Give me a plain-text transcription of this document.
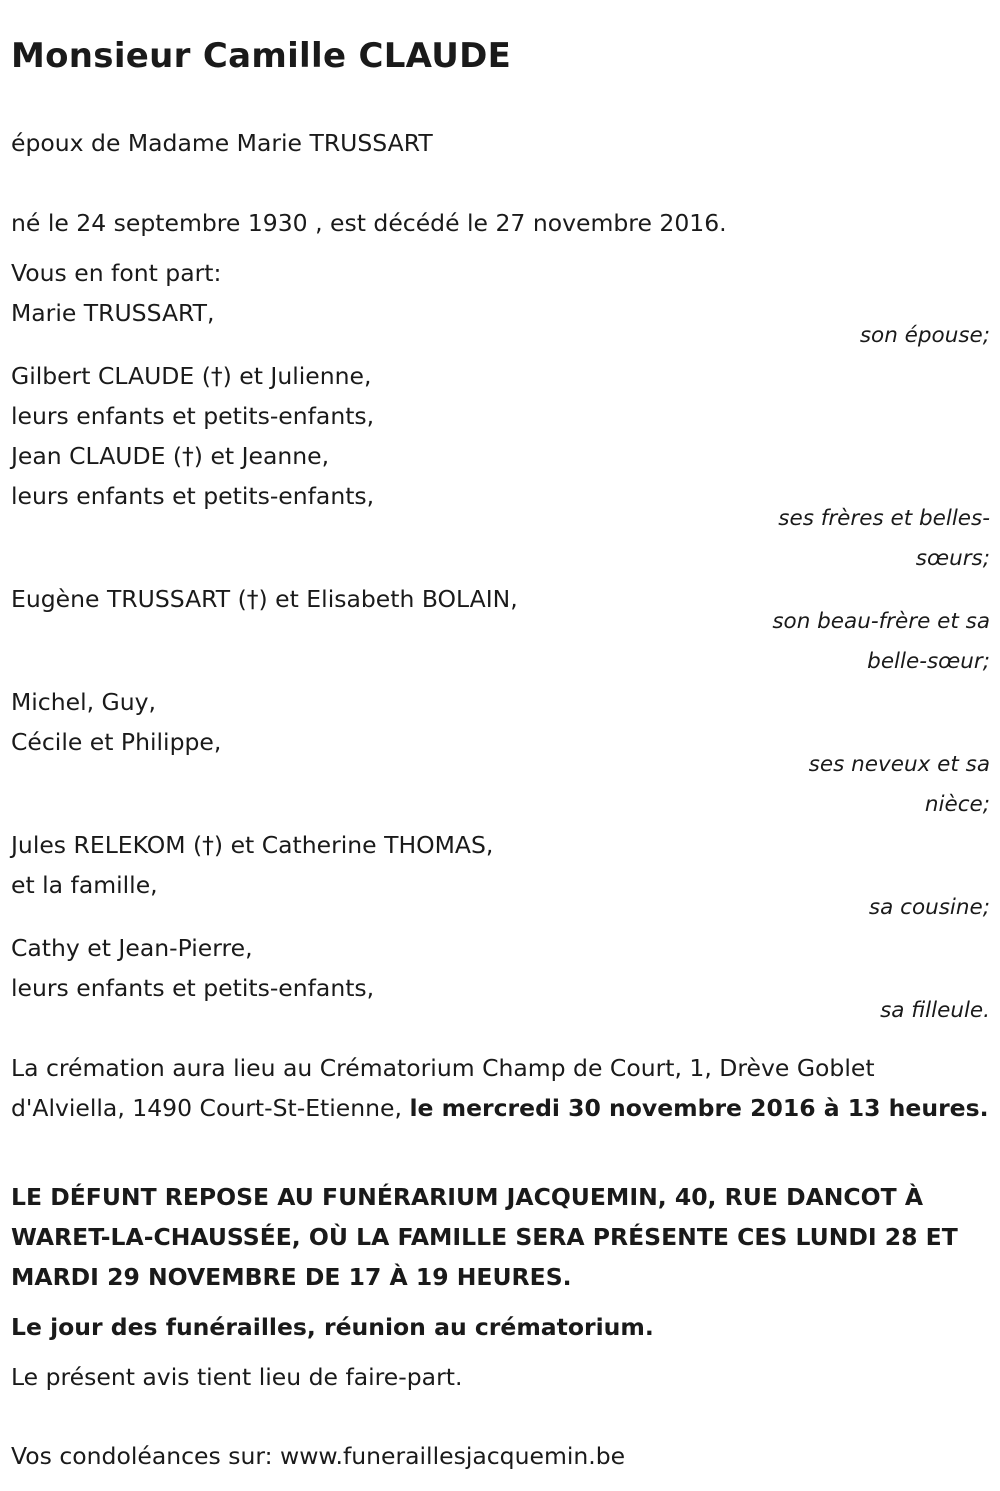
Monsieur Camille CLAUDE
époux de Madame Marie TRUSSART
né le 24 septembre 1930 , est décédé le 27 novembre 2016.
Vous en font part:
Marie TRUSSART,
son épouse;
Gilbert CLAUDE (†) et Julienne,
leurs enfants et petits-enfants,
Jean CLAUDE (†) et Jeanne,
leurs enfants et petits-enfants,
ses frères et belles-
sœurs;
Eugène TRUSSART (†) et Elisabeth BOLAIN,
son beau-frère et sa
belle-sœur;
Michel, Guy,
Cécile et Philippe,
ses neveux et sa
nièce;
Jules RELEKOM (†) et Catherine THOMAS,
et la famille,
sa cousine;
Cathy et Jean-Pierre,
leurs enfants et petits-enfants,
sa filleule.
La crémation aura lieu au Crématorium Champ de Court, 1, Drève Goblet d'Alviella, 1490 Court-St-Etienne, le mercredi 30 novembre 2016 à 13 heures.
LE DÉFUNT REPOSE AU FUNÉRARIUM JACQUEMIN, 40, RUE DANCOT À WARET-LA-CHAUSSÉE, OÙ LA FAMILLE SERA PRÉSENTE CES LUNDI 28 ET MARDI 29 NOVEMBRE DE 17 À 19 HEURES.
Le jour des funérailles, réunion au crématorium.
Le présent avis tient lieu de faire-part.
Vos condoléances sur: www.funeraillesjacquemin.be
